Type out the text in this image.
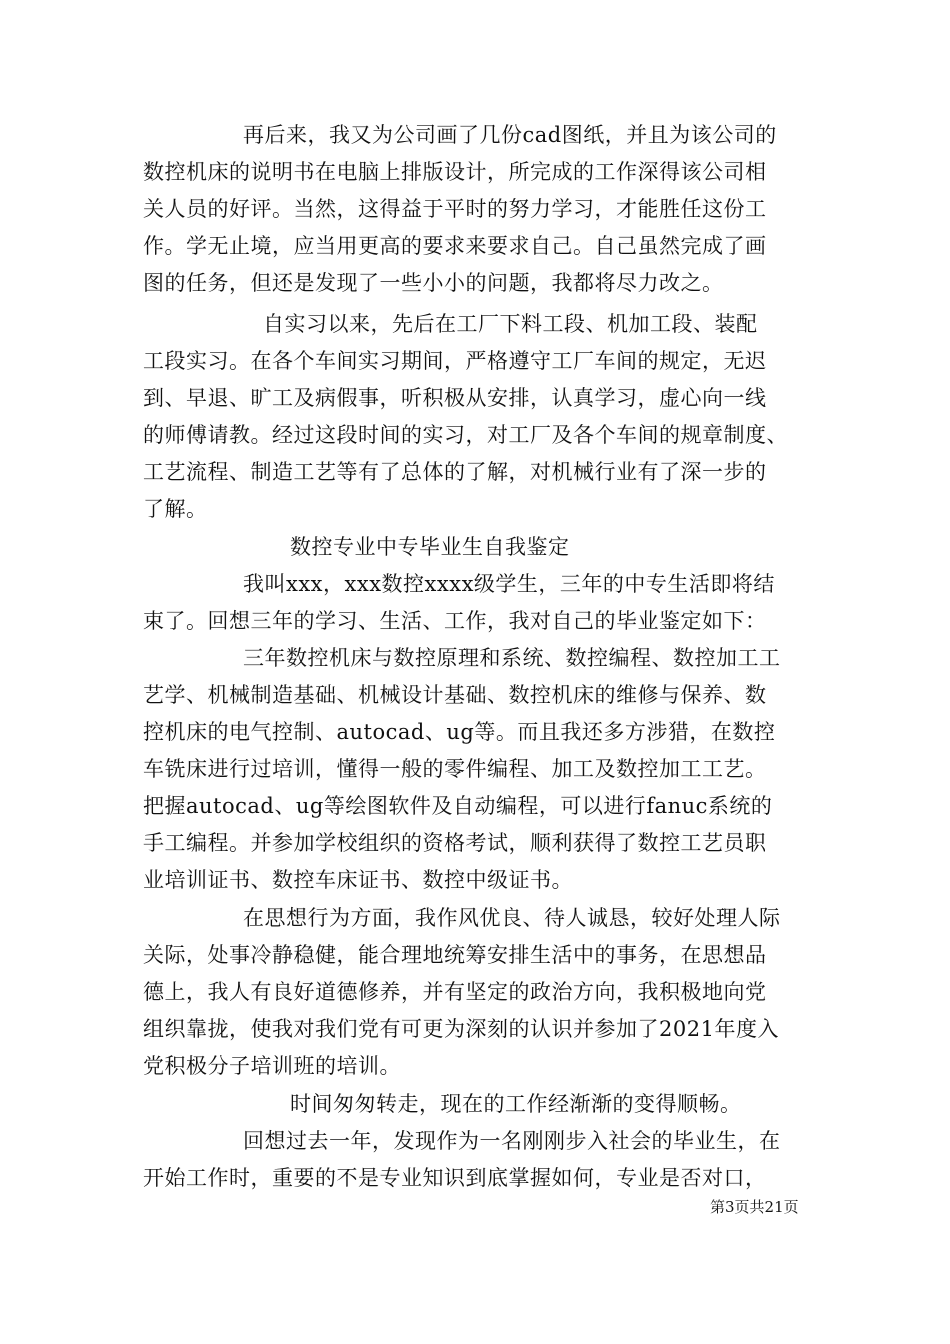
再后来，我又为公司画了几份cad图纸，并且为该公司的
数控机床的说明书在电脑上排版设计，所完成的工作深得该公司相
关人员的好评。当然，这得益于平时的努力学习，才能胜任这份工
作。学无止境，应当用更高的要求来要求自己。自己虽然完成了画
图的任务，但还是发现了一些小小的问题，我都将尽力改之。
自实习以来，先后在工厂下料工段、机加工段、装配
工段实习。在各个车间实习期间，严格遵守工厂车间的规定，无迟
到、早退、旷工及病假事，听积极从安排，认真学习，虚心向一线
的师傅请教。经过这段时间的实习，对工厂及各个车间的规章制度、
工艺流程、制造工艺等有了总体的了解，对机械行业有了深一步的
了解。
数控专业中专毕业生自我鉴定
我叫xxx，xxx数控xxxx级学生，三年的中专生活即将结
束了。回想三年的学习、生活、工作，我对自己的毕业鉴定如下：
三年数控机床与数控原理和系统、数控编程、数控加工工
艺学、机械制造基础、机械设计基础、数控机床的维修与保养、数
控机床的电气控制、autocad、ug等。而且我还多方涉猎，在数控
车铣床进行过培训，懂得一般的零件编程、加工及数控加工工艺。
把握autocad、ug等绘图软件及自动编程，可以进行fanuc系统的
手工编程。并参加学校组织的资格考试，顺利获得了数控工艺员职
业培训证书、数控车床证书、数控中级证书。
在思想行为方面，我作风优良、待人诚恳，较好处理人际
关际，处事冷静稳健，能合理地统筹安排生活中的事务，在思想品
德上，我人有良好道德修养，并有坚定的政治方向，我积极地向党
组织靠拢，使我对我们党有可更为深刻的认识并参加了2021年度入
党积极分子培训班的培训。
时间匆匆转走，现在的工作经渐渐的变得顺畅。
回想过去一年，发现作为一名刚刚步入社会的毕业生，在
开始工作时，重要的不是专业知识到底掌握如何，专业是否对口，
第3页共21页
